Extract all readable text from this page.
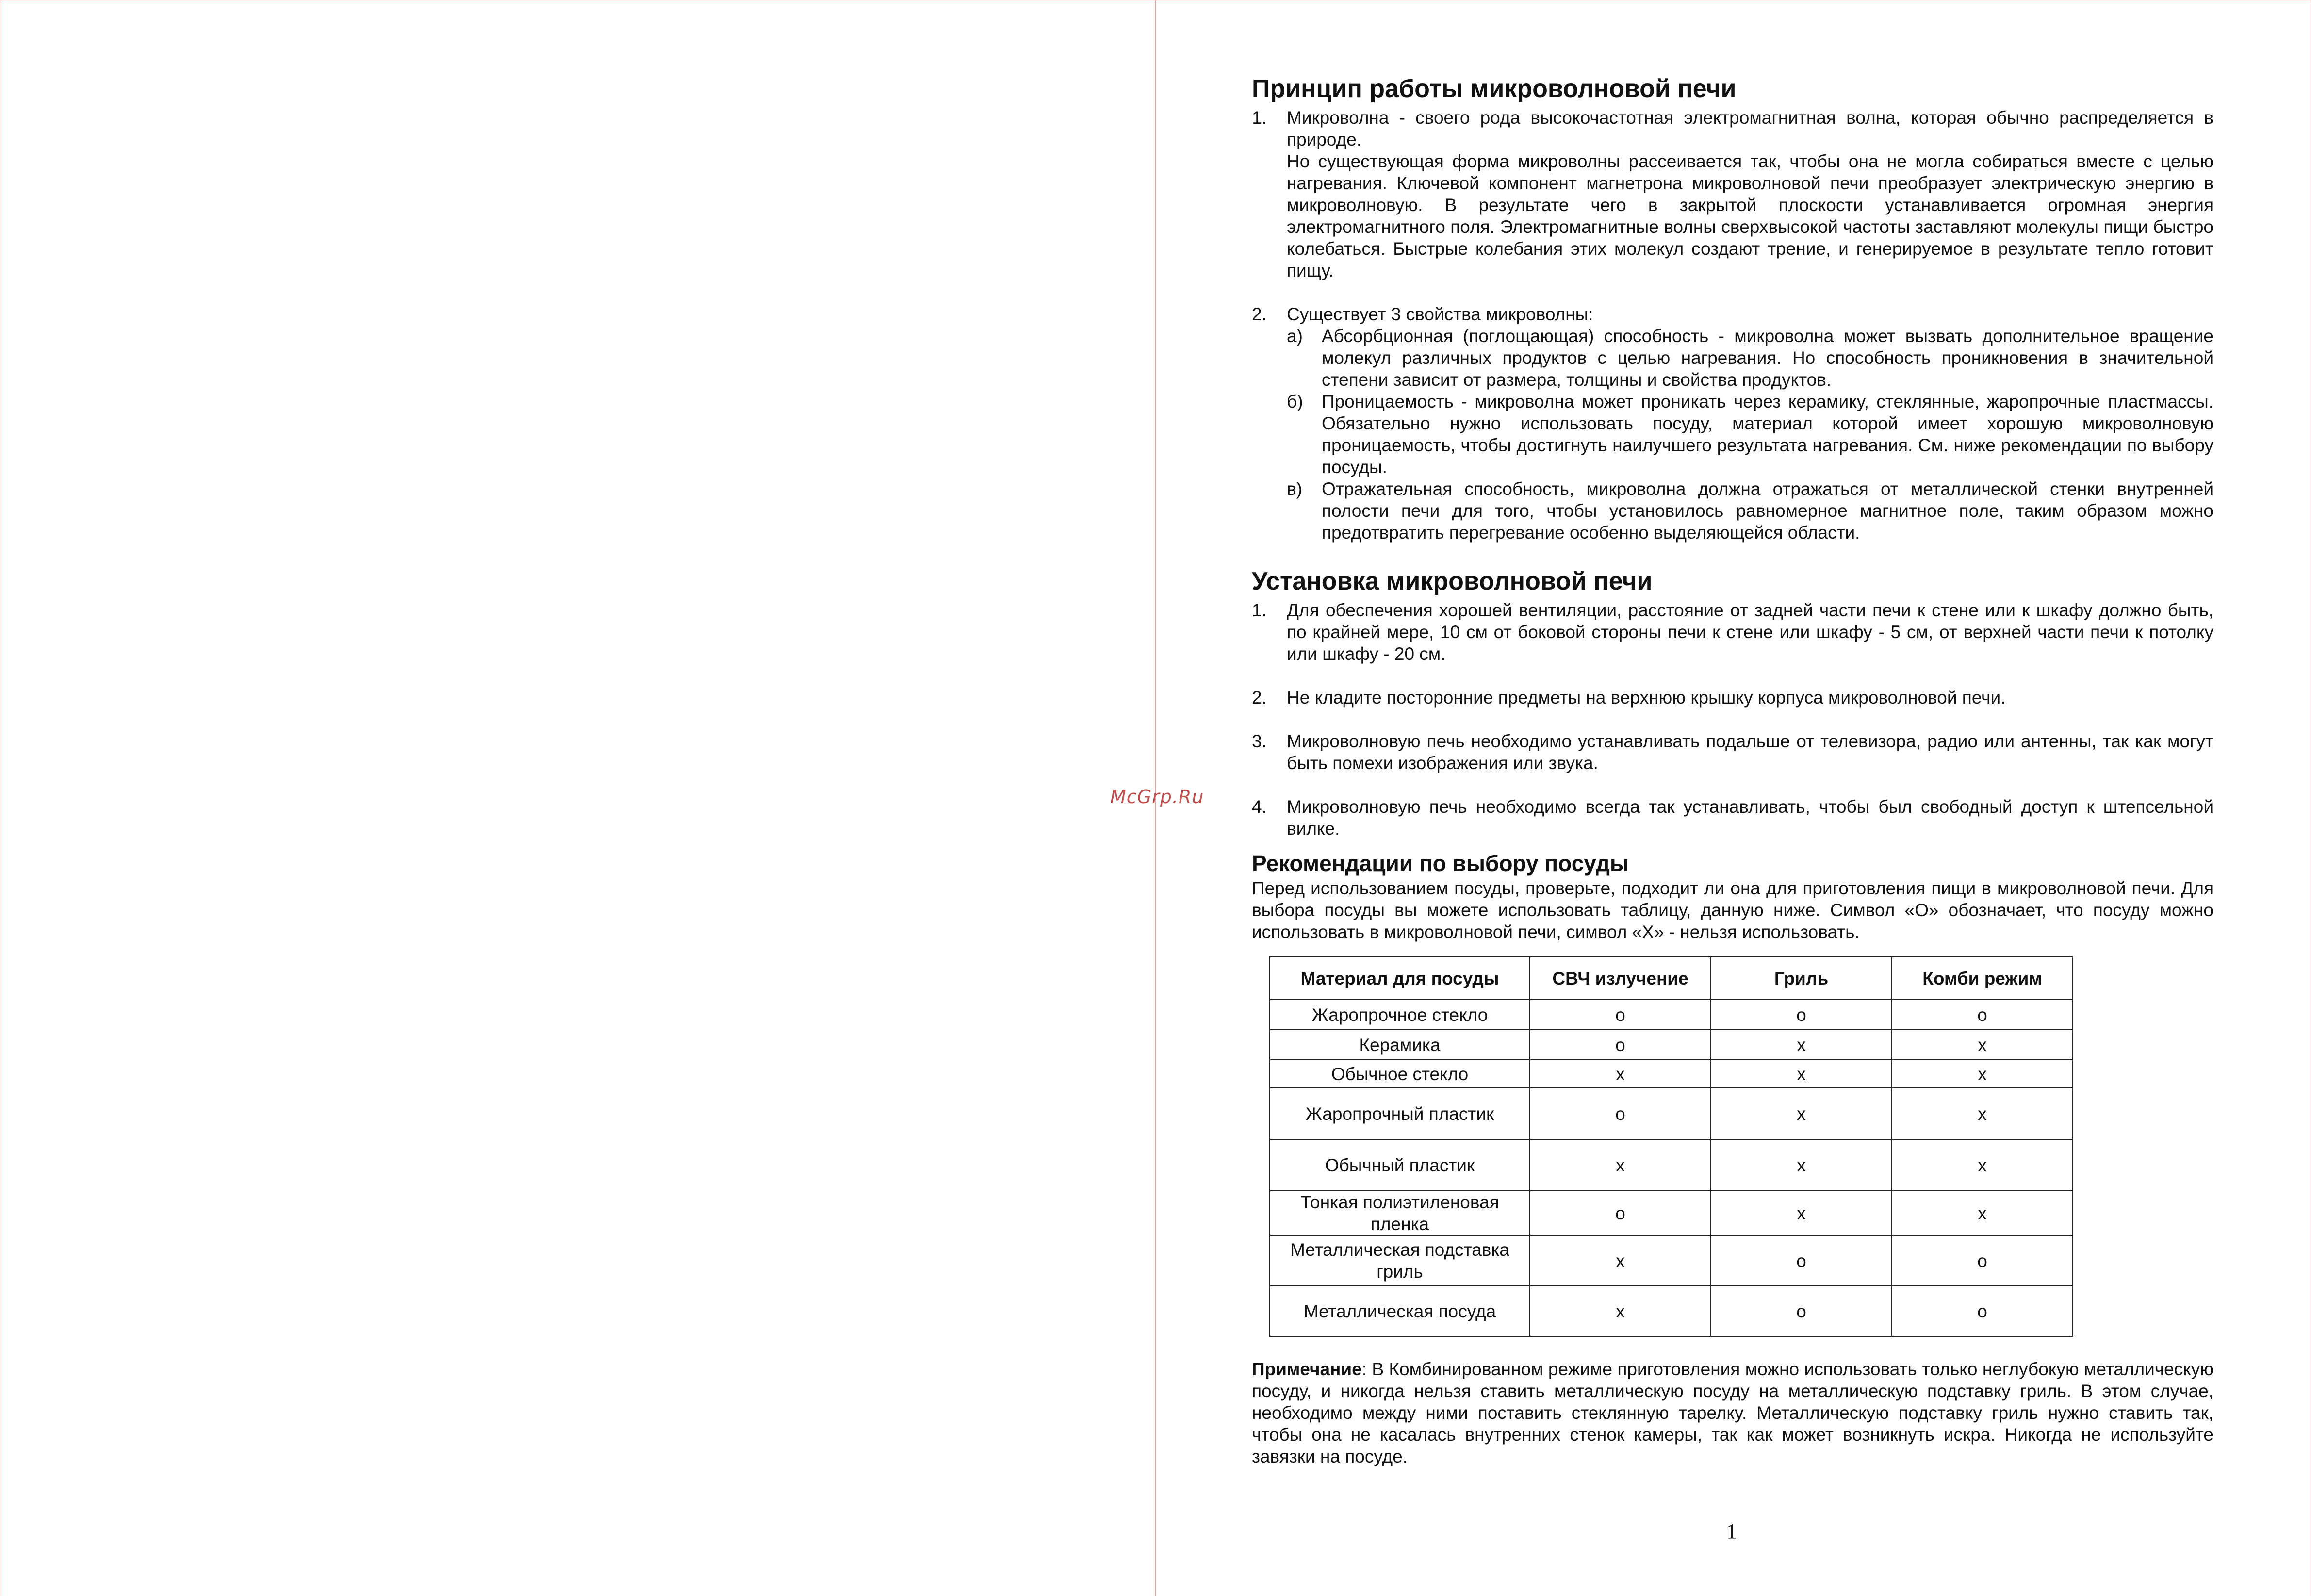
McGrp.Ru
Принцип работы микроволновой печи
1.	Микроволна - своего рода высокочастотная электромагнитная волна, которая обычно распределяется в природе.

Но существующая форма микроволны рассеивается так, чтобы она не могла собираться вместе с целью нагревания. Ключевой компонент магнетрона микроволновой печи преобразует электрическую энергию в микроволновую. В результате чего в закрытой плоскости устанавливается огромная энергия электромагнитного поля. Электромагнитные волны сверхвысокой частоты заставляют молекулы пищи быстро колебаться. Быстрые колебания этих молекул создают трение, и генерируемое в результате тепло готовит пищу.

2.	Существует 3 свойства микроволны:

а)	Абсорбционная (поглощающая) способность - микроволна может вызвать дополнительное вращение молекул различных продуктов с целью нагревания. Но способность проникновения в значительной степени зависит от размера, толщины и свойства продуктов.
б)	Проницаемость - микроволна может проникать через керамику, стеклянные, жаропрочные пластмассы. Обязательно нужно использовать посуду, материал которой имеет хорошую микроволновую проницаемость, чтобы достигнуть наилучшего результата нагревания. См. ниже рекомендации по выбору посуды.
в)	Отражательная способность, микроволна должна отражаться от металлической стенки внутренней полости печи для того, чтобы установилось равномерное магнитное поле, таким образом можно предотвратить перегревание особенно выделяющейся области.
Установка микроволновой печи
1.	Для обеспечения хорошей вентиляции, расстояние от задней части печи к стене или к шкафу должно быть, по крайней мере, 10 см от боковой стороны печи к стене или шкафу - 5 см, от верхней части печи к потолку или шкафу - 20 см.
2.	Не кладите посторонние предметы на верхнюю крышку корпуса микроволновой печи.
3.	Микроволновую печь необходимо устанавливать подальше от телевизора, радио или антенны, так как могут быть помехи изображения или звука.
4.	Микроволновую печь необходимо всегда так устанавливать, чтобы был свободный доступ к штепсельной вилке.
Рекомендации по выбору посуды

Перед использованием посуды, проверьте, подходит ли она для приготовления пищи в микроволновой печи. Для выбора посуды вы можете использовать таблицу, данную ниже. Символ «О» обозначает, что посуду можно использовать в микроволновой печи, символ «Х» - нельзя использовать.

Материал для посуды	СВЧ излучение	Гриль	Комби режим
Жаропрочное стекло	o	o	o
Керамика	o	x	x
Обычное стекло	x	x	x
Жаропрочный пластик	o	x	x
Обычный пластик	x	x	x
Тонкая полиэтиленовая пленка	o	x	x
Металлическая подставка гриль	x	o	o
Металлическая посуда	x	o	o

Примечание: В Комбинированном режиме приготовления можно использовать только неглубокую металлическую посуду, и никогда нельзя ставить металлическую посуду на металлическую подставку гриль. В этом случае, необходимо между ними поставить стеклянную тарелку. Металлическую подставку гриль нужно ставить так, чтобы она не касалась внутренних стенок камеры, так как может возникнуть искра. Никогда не используйте завязки на посуде.

1
